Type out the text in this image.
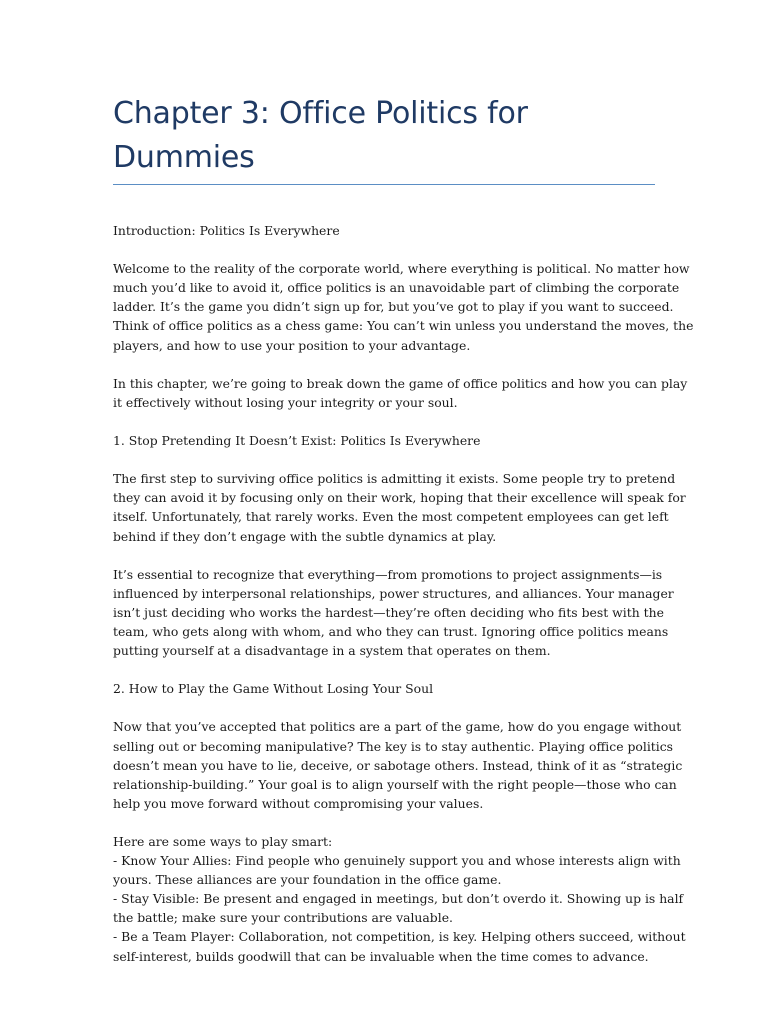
Chapter 3: Office Politics for Dummies
Introduction: Politics Is Everywhere
Welcome to the reality of the corporate world, where everything is political. No matter how
much you’d like to avoid it, office politics is an unavoidable part of climbing the corporate
ladder. It’s the game you didn’t sign up for, but you’ve got to play if you want to succeed.
Think of office politics as a chess game: You can’t win unless you understand the moves, the
players, and how to use your position to your advantage.
In this chapter, we’re going to break down the game of office politics and how you can play
it effectively without losing your integrity or your soul.
1. Stop Pretending It Doesn’t Exist: Politics Is Everywhere
The first step to surviving office politics is admitting it exists. Some people try to pretend
they can avoid it by focusing only on their work, hoping that their excellence will speak for
itself. Unfortunately, that rarely works. Even the most competent employees can get left
behind if they don’t engage with the subtle dynamics at play.
It’s essential to recognize that everything—from promotions to project assignments—is
influenced by interpersonal relationships, power structures, and alliances. Your manager
isn’t just deciding who works the hardest—they’re often deciding who fits best with the
team, who gets along with whom, and who they can trust. Ignoring office politics means
putting yourself at a disadvantage in a system that operates on them.
2. How to Play the Game Without Losing Your Soul
Now that you’ve accepted that politics are a part of the game, how do you engage without
selling out or becoming manipulative? The key is to stay authentic. Playing office politics
doesn’t mean you have to lie, deceive, or sabotage others. Instead, think of it as “strategic
relationship-building.” Your goal is to align yourself with the right people—those who can
help you move forward without compromising your values.
Here are some ways to play smart:
- Know Your Allies: Find people who genuinely support you and whose interests align with
yours. These alliances are your foundation in the office game.
- Stay Visible: Be present and engaged in meetings, but don’t overdo it. Showing up is half
the battle; make sure your contributions are valuable.
- Be a Team Player: Collaboration, not competition, is key. Helping others succeed, without
self-interest, builds goodwill that can be invaluable when the time comes to advance.
